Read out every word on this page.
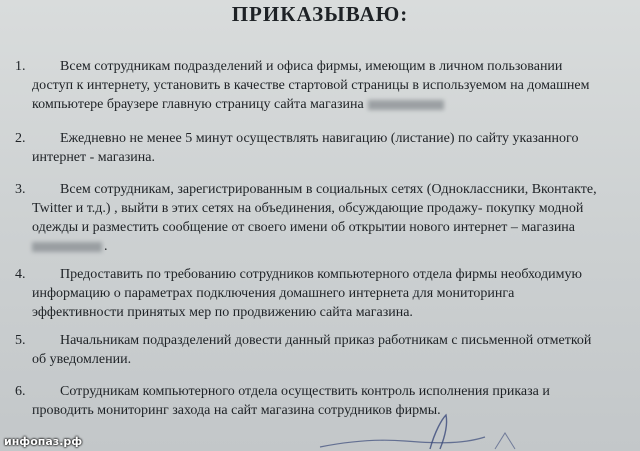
ПРИКАЗЫВАЮ:
1.	Всем сотрудникам подразделений и офиса фирмы, имеющим в личном пользовании
доступ к интернету, установить в качестве стартовой страницы в используемом на домашнем
компьютере браузере главную страницу сайта магазина
2.	Ежедневно не менее 5 минут осуществлять навигацию (листание) по сайту указанного
интернет - магазина.
3.	Всем сотрудникам, зарегистрированным в социальных сетях (Одноклассники, Вконтакте,
Twitter и т.д.) , выйти в этих сетях на объединения, обсуждающие продажу- покупку модной
одежды и разместить сообщение от своего имени об открытии нового интернет – магазина
.
4.	Предоставить по требованию сотрудников компьютерного отдела фирмы необходимую
информацию о параметрах подключения домашнего интернета для мониторинга
эффективности принятых мер по продвижению сайта магазина.
5.	Начальникам подразделений довести данный приказ работникам с письменной отметкой
об уведомлении.
6.	Сотрудникам компьютерного отдела осуществить контроль исполнения приказа и
проводить мониторинг захода на сайт магазина сотрудников фирмы.
инфопаз.рф
